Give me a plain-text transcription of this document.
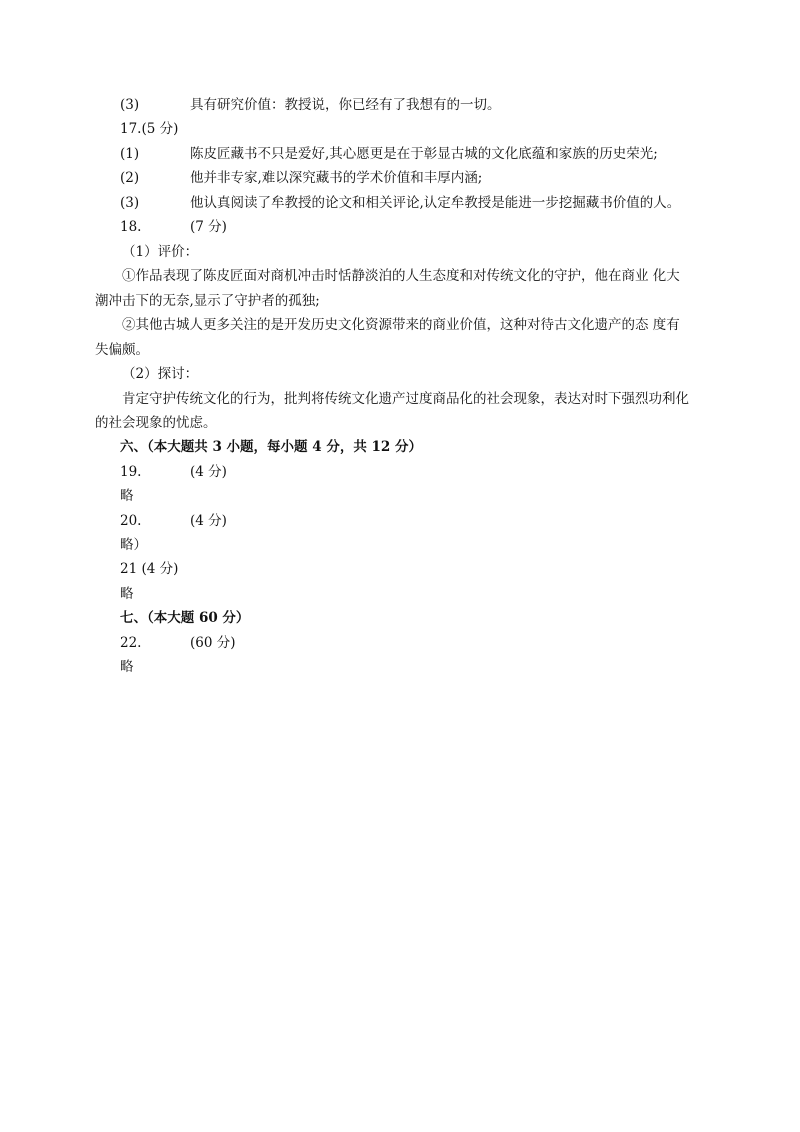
(3)	具有研究价值：教授说，你已经有了我想有的一切。
17.(5 分)
(1)	陈皮匠藏书不只是爱好,其心愿更是在于彰显古城的文化底蕴和家族的历史荣光;
(2)	他并非专家,难以深究藏书的学术价值和丰厚内涵;
(3)	他认真阅读了牟教授的论文和相关评论,认定牟教授是能进一步挖掘藏书价值的人。
18.	(7 分)
（1）评价：
①作品表现了陈皮匠面对商机冲击时恬静淡泊的人生态度和对传统文化的守护，他在商业 化大
潮冲击下的无奈,显示了守护者的孤独;
②其他古城人更多关注的是开发历史文化资源带来的商业价值，这种对待古文化遗产的态 度有
失偏颇。
（2）探讨：
肯定守护传统文化的行为，批判将传统文化遗产过度商品化的社会现象，表达对时下强烈功利化
的社会现象的忧虑。
六、（本大题共 3 小题，每小题 4 分，共 12 分）
19.	(4 分)
略
20.	(4 分)
略）
21 (4 分)
略
七、（本大题 60 分）
22.	(60 分)
略
